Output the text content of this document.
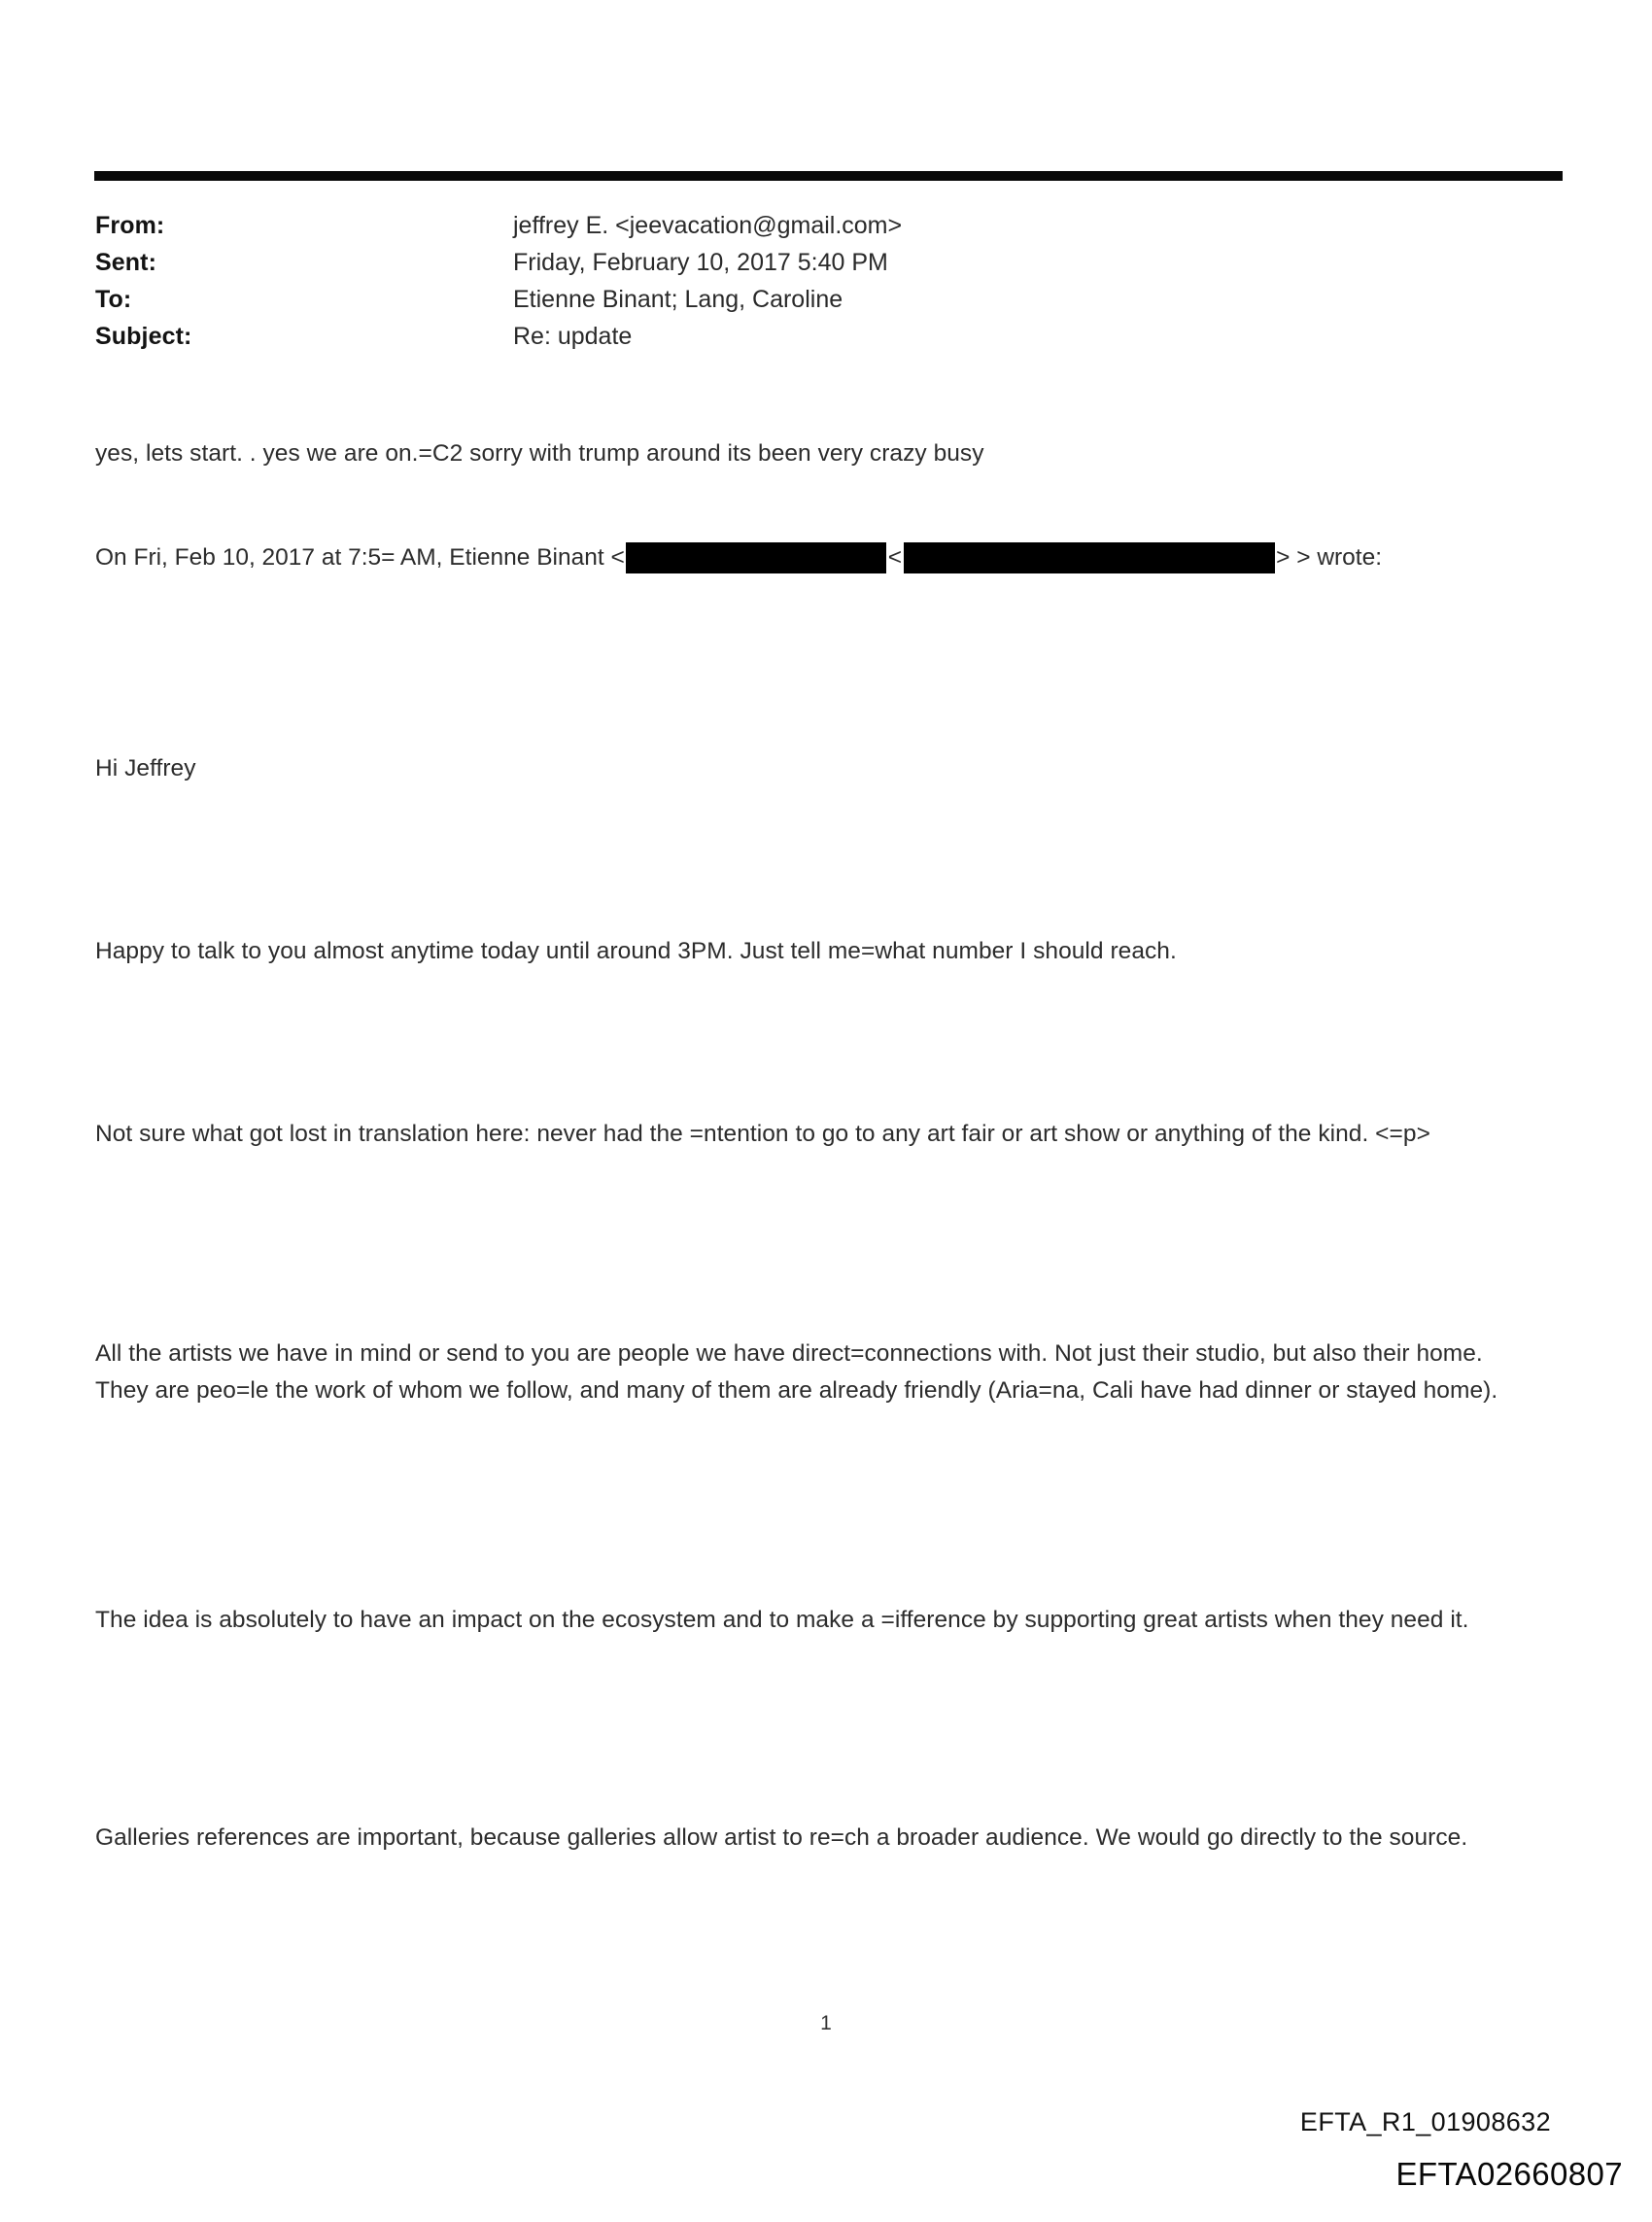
From:	jeffrey E. <jeevacation@gmail.com>
Sent:	Friday, February 10, 2017 5:40 PM
To:	Etienne Binant; Lang, Caroline
Subject:	Re: update
yes, lets start. . yes we are on.=C2 sorry with trump around its been very crazy busy
On Fri, Feb 10, 2017 at 7:5= AM, Etienne Binant <	<	> > wrote:
Hi Jeffrey
Happy to talk to you almost anytime today until around 3PM. Just tell me=what number I should reach.
Not sure what got lost in translation here: never had the =ntention to go to any art fair or art show or anything of the kind. <=p>
All the artists we have in mind or send to you are people we have direct=connections with. Not just their studio, but also their home. They are peo=le the work of whom we follow, and many of them are already friendly (Aria=na, Cali have had dinner or stayed home).
The idea is absolutely to have an impact on the ecosystem and to make a =ifference by supporting great artists when they need it.
Galleries references are important, because galleries allow artist to re=ch a broader audience. We would go directly to the source.
1
EFTA_R1_01908632
EFTA02660807
